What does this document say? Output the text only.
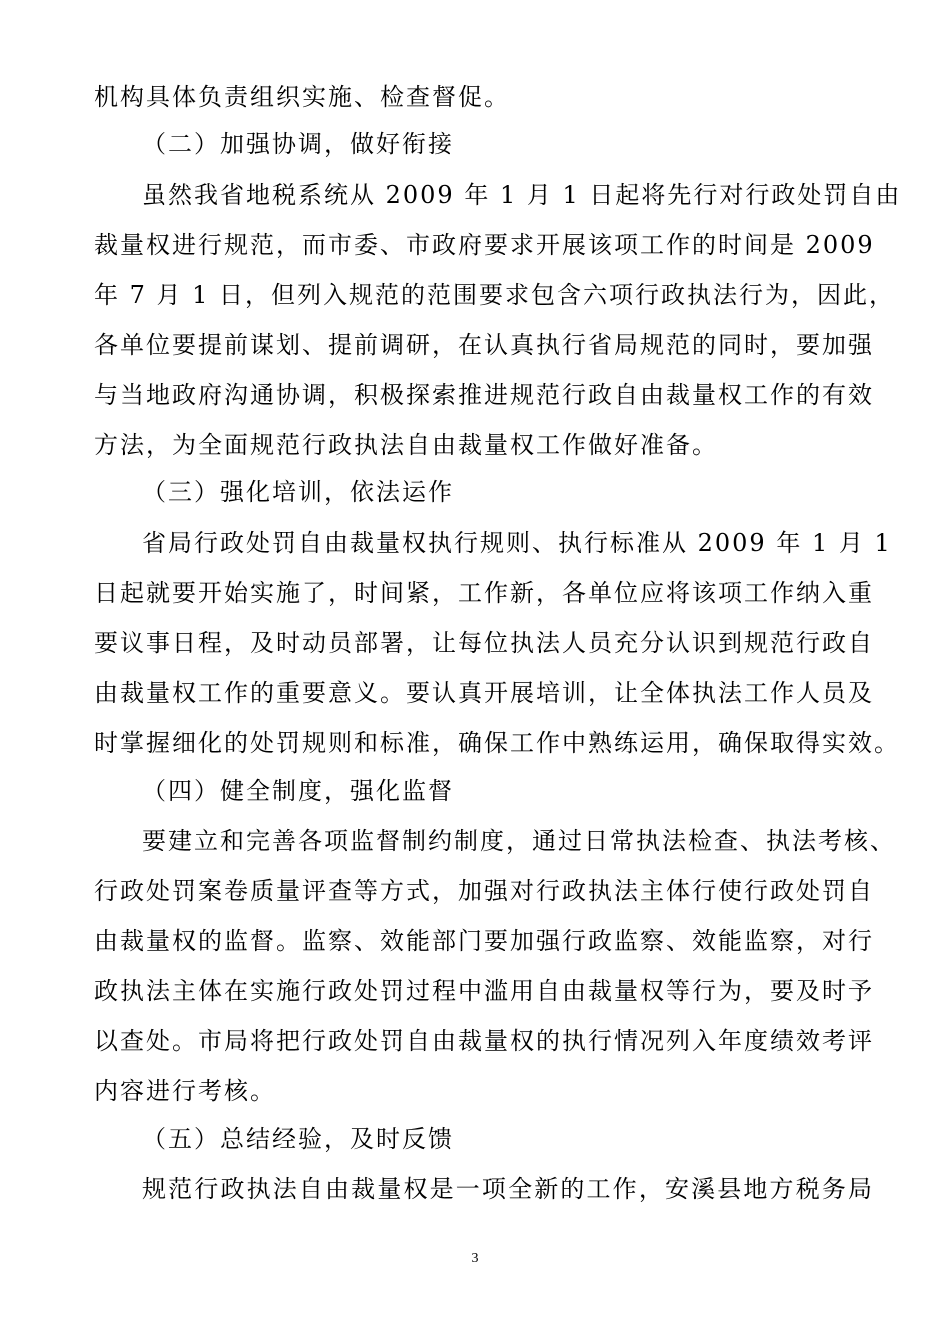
机构具体负责组织实施、检查督促。
（二）加强协调，做好衔接
虽然我省地税系统从 2009 年 1 月 1 日起将先行对行政处罚自由
裁量权进行规范，而市委、市政府要求开展该项工作的时间是 2009
年 7 月 1 日，但列入规范的范围要求包含六项行政执法行为，因此，
各单位要提前谋划、提前调研，在认真执行省局规范的同时，要加强
与当地政府沟通协调，积极探索推进规范行政自由裁量权工作的有效
方法，为全面规范行政执法自由裁量权工作做好准备。
（三）强化培训，依法运作
省局行政处罚自由裁量权执行规则、执行标准从 2009 年 1 月 1
日起就要开始实施了，时间紧，工作新，各单位应将该项工作纳入重
要议事日程，及时动员部署，让每位执法人员充分认识到规范行政自
由裁量权工作的重要意义。要认真开展培训，让全体执法工作人员及
时掌握细化的处罚规则和标准，确保工作中熟练运用，确保取得实效。
（四）健全制度，强化监督
要建立和完善各项监督制约制度，通过日常执法检查、执法考核、
行政处罚案卷质量评查等方式，加强对行政执法主体行使行政处罚自
由裁量权的监督。监察、效能部门要加强行政监察、效能监察，对行
政执法主体在实施行政处罚过程中滥用自由裁量权等行为，要及时予
以查处。市局将把行政处罚自由裁量权的执行情况列入年度绩效考评
内容进行考核。
（五）总结经验，及时反馈
规范行政执法自由裁量权是一项全新的工作，安溪县地方税务局
3
